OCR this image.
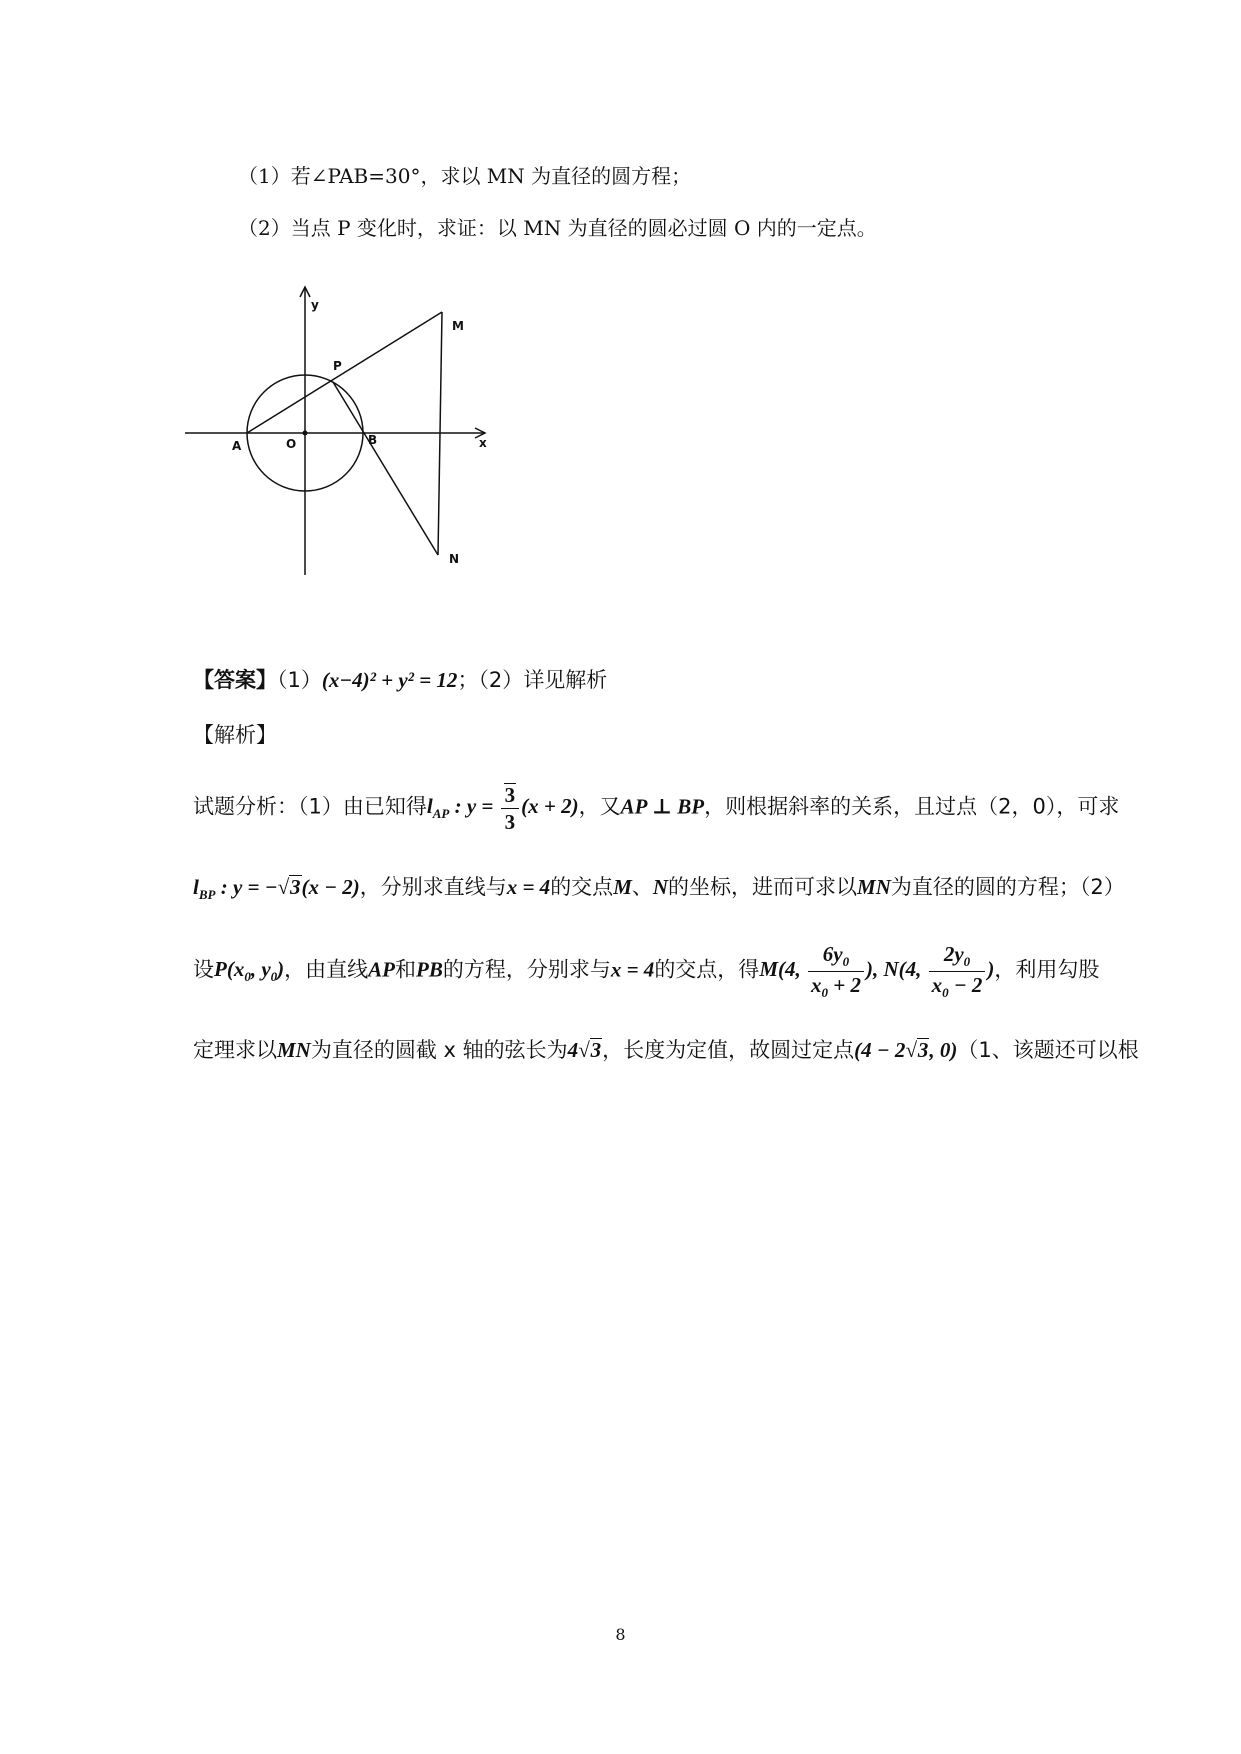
（1）若∠PAB=30°，求以 MN 为直径的圆方程；
（2）当点 P 变化时，求证：以 MN 为直径的圆必过圆 O 内的一定点。
y
x
O
A	B
P
M
N
【答案】（1）(x−4)² + y² = 12；（2）详见解析
【解析】
试题分析：（1）由已知得$l_{AP}$ : $y = \frac{3}{3} (x + 2)$，又AP ⊥ BP，则根据斜率的关系，且过点（2，0），可求
$l_{BP}$ : y = −√3(x − 2)，分别求直线与x = 4的交点M、N的坐标，进而可求以MN为直径的圆的方程；（2）
设$P(x_0$, $y_0$)，由直线AP和PB的方程，分别求与x = 4的交点，得M(4, $\frac{6y_0}{x_0 + 2}$ ), N(4, $\frac{2y_0}{x_0 - 2}$ )，利用勾股
定理求以MN为直径的圆截 x 轴的弦长为4√3，长度为定值，故圆过定点(4 − 2√3, 0)（1、该题还可以根
8
